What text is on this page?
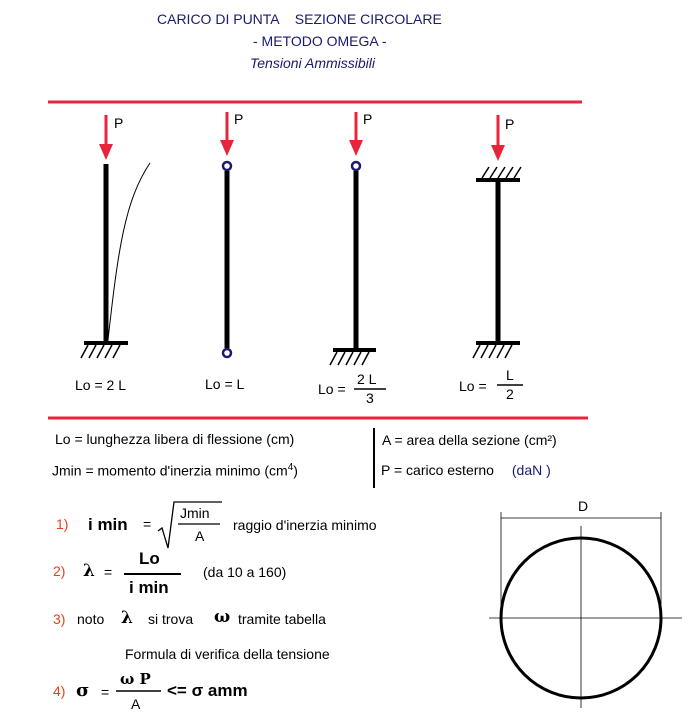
CARICO DI PUNTA SEZIONE CIRCOLARE
- METODO OMEGA -
Tensioni Ammissibili
P	P	P	P
Lo = 2 L	Lo = L	Lo =
2 L
3
Lo =
L
2
Lo = lunghezza libera di flessione (cm)
Jmin = momento d'inerzia minimo $(cm^4)$
A = area della sezione (cm²)
P = carico esterno (daN )
1) i min =
Jmin
A
raggio d'inerzia minimo
2) λ =
Lo
i min
(da 10 a 160)
3) noto λ si trova ω tramite tabella
Formula di verifica della tensione
4) σ =
ω P
A
<= σ amm
D
